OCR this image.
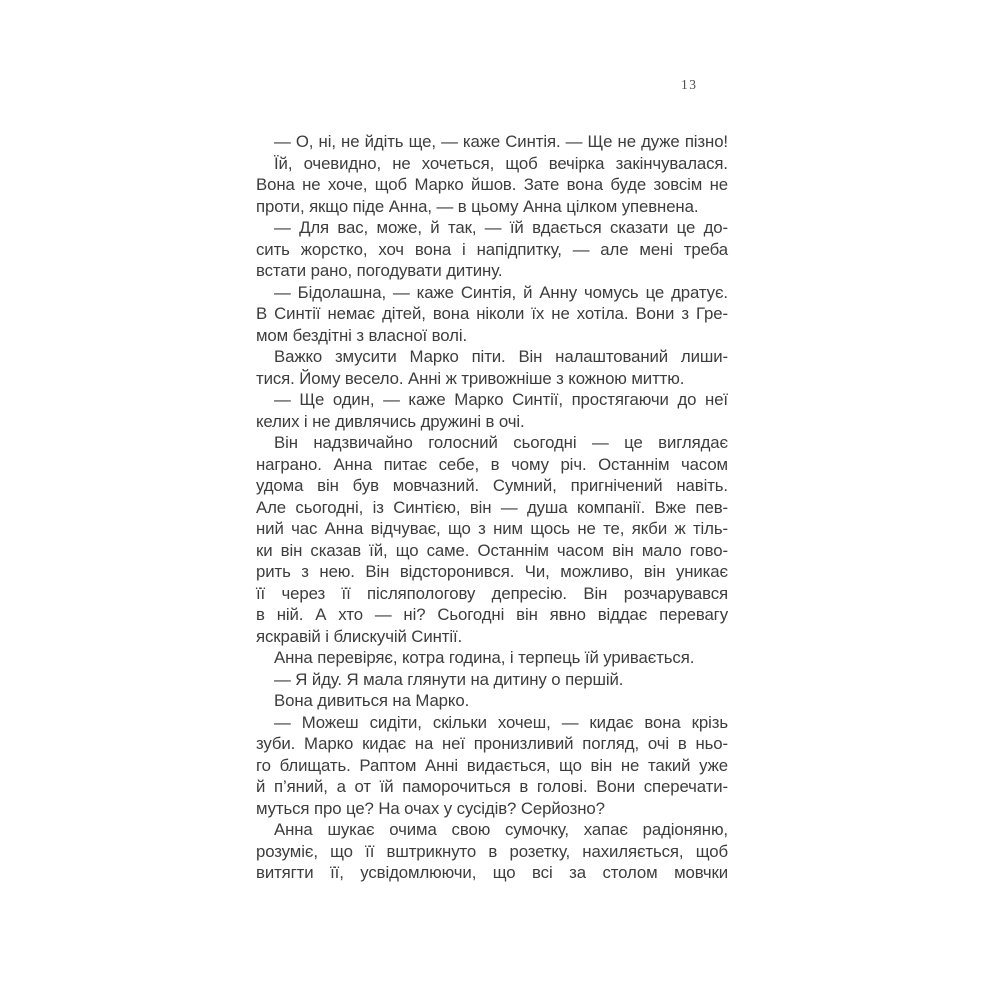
13
— О, ні, не йдіть ще, — каже Синтія. — Ще не дуже пізно!
Їй, очевидно, не хочеться, щоб вечірка закінчувалася.
Вона не хоче, щоб Марко йшов. Зате вона буде зовсім не
проти, якщо піде Анна, — в цьому Анна цілком упевнена.
— Для вас, може, й так, — їй вдається сказати це до-
сить жорстко, хоч вона і напідпитку, — але мені треба
встати рано, погодувати дитину.
— Бідолашна, — каже Синтія, й Анну чомусь це дратує.
В Синтії немає дітей, вона ніколи їх не хотіла. Вони з Гре-
мом бездітні з власної волі.
Важко змусити Марко піти. Він налаштований лиши-
тися. Йому весело. Анні ж тривожніше з кожною миттю.
— Ще один, — каже Марко Синтії, простягаючи до неї
келих і не дивлячись дружині в очі.
Він надзвичайно голосний сьогодні — це виглядає
награно. Анна питає себе, в чому річ. Останнім часом
удома він був мовчазний. Сумний, пригнічений навіть.
Але сьогодні, із Синтією, він — душа компанії. Вже пев-
ний час Анна відчуває, що з ним щось не те, якби ж тіль-
ки він сказав їй, що саме. Останнім часом він мало гово-
рить з нею. Він відсторонився. Чи, можливо, він уникає
її через її післяпологову депресію. Він розчарувався
в ній. А хто — ні? Сьогодні він явно віддає перевагу
яскравій і блискучій Синтії.
Анна перевіряє, котра година, і терпець їй уривається.
— Я йду. Я мала глянути на дитину о першій.
Вона дивиться на Марко.
— Можеш сидіти, скільки хочеш, — кидає вона крізь
зуби. Марко кидає на неї пронизливий погляд, очі в ньо-
го блищать. Раптом Анні видається, що він не такий уже
й п’яний, а от їй паморочиться в голові. Вони сперечати-
муться про це? На очах у сусідів? Серйозно?
Анна шукає очима свою сумочку, хапає радіоняню,
розуміє, що її вштрикнуто в розетку, нахиляється, щоб
витягти її, усвідомлюючи, що всі за столом мовчки
